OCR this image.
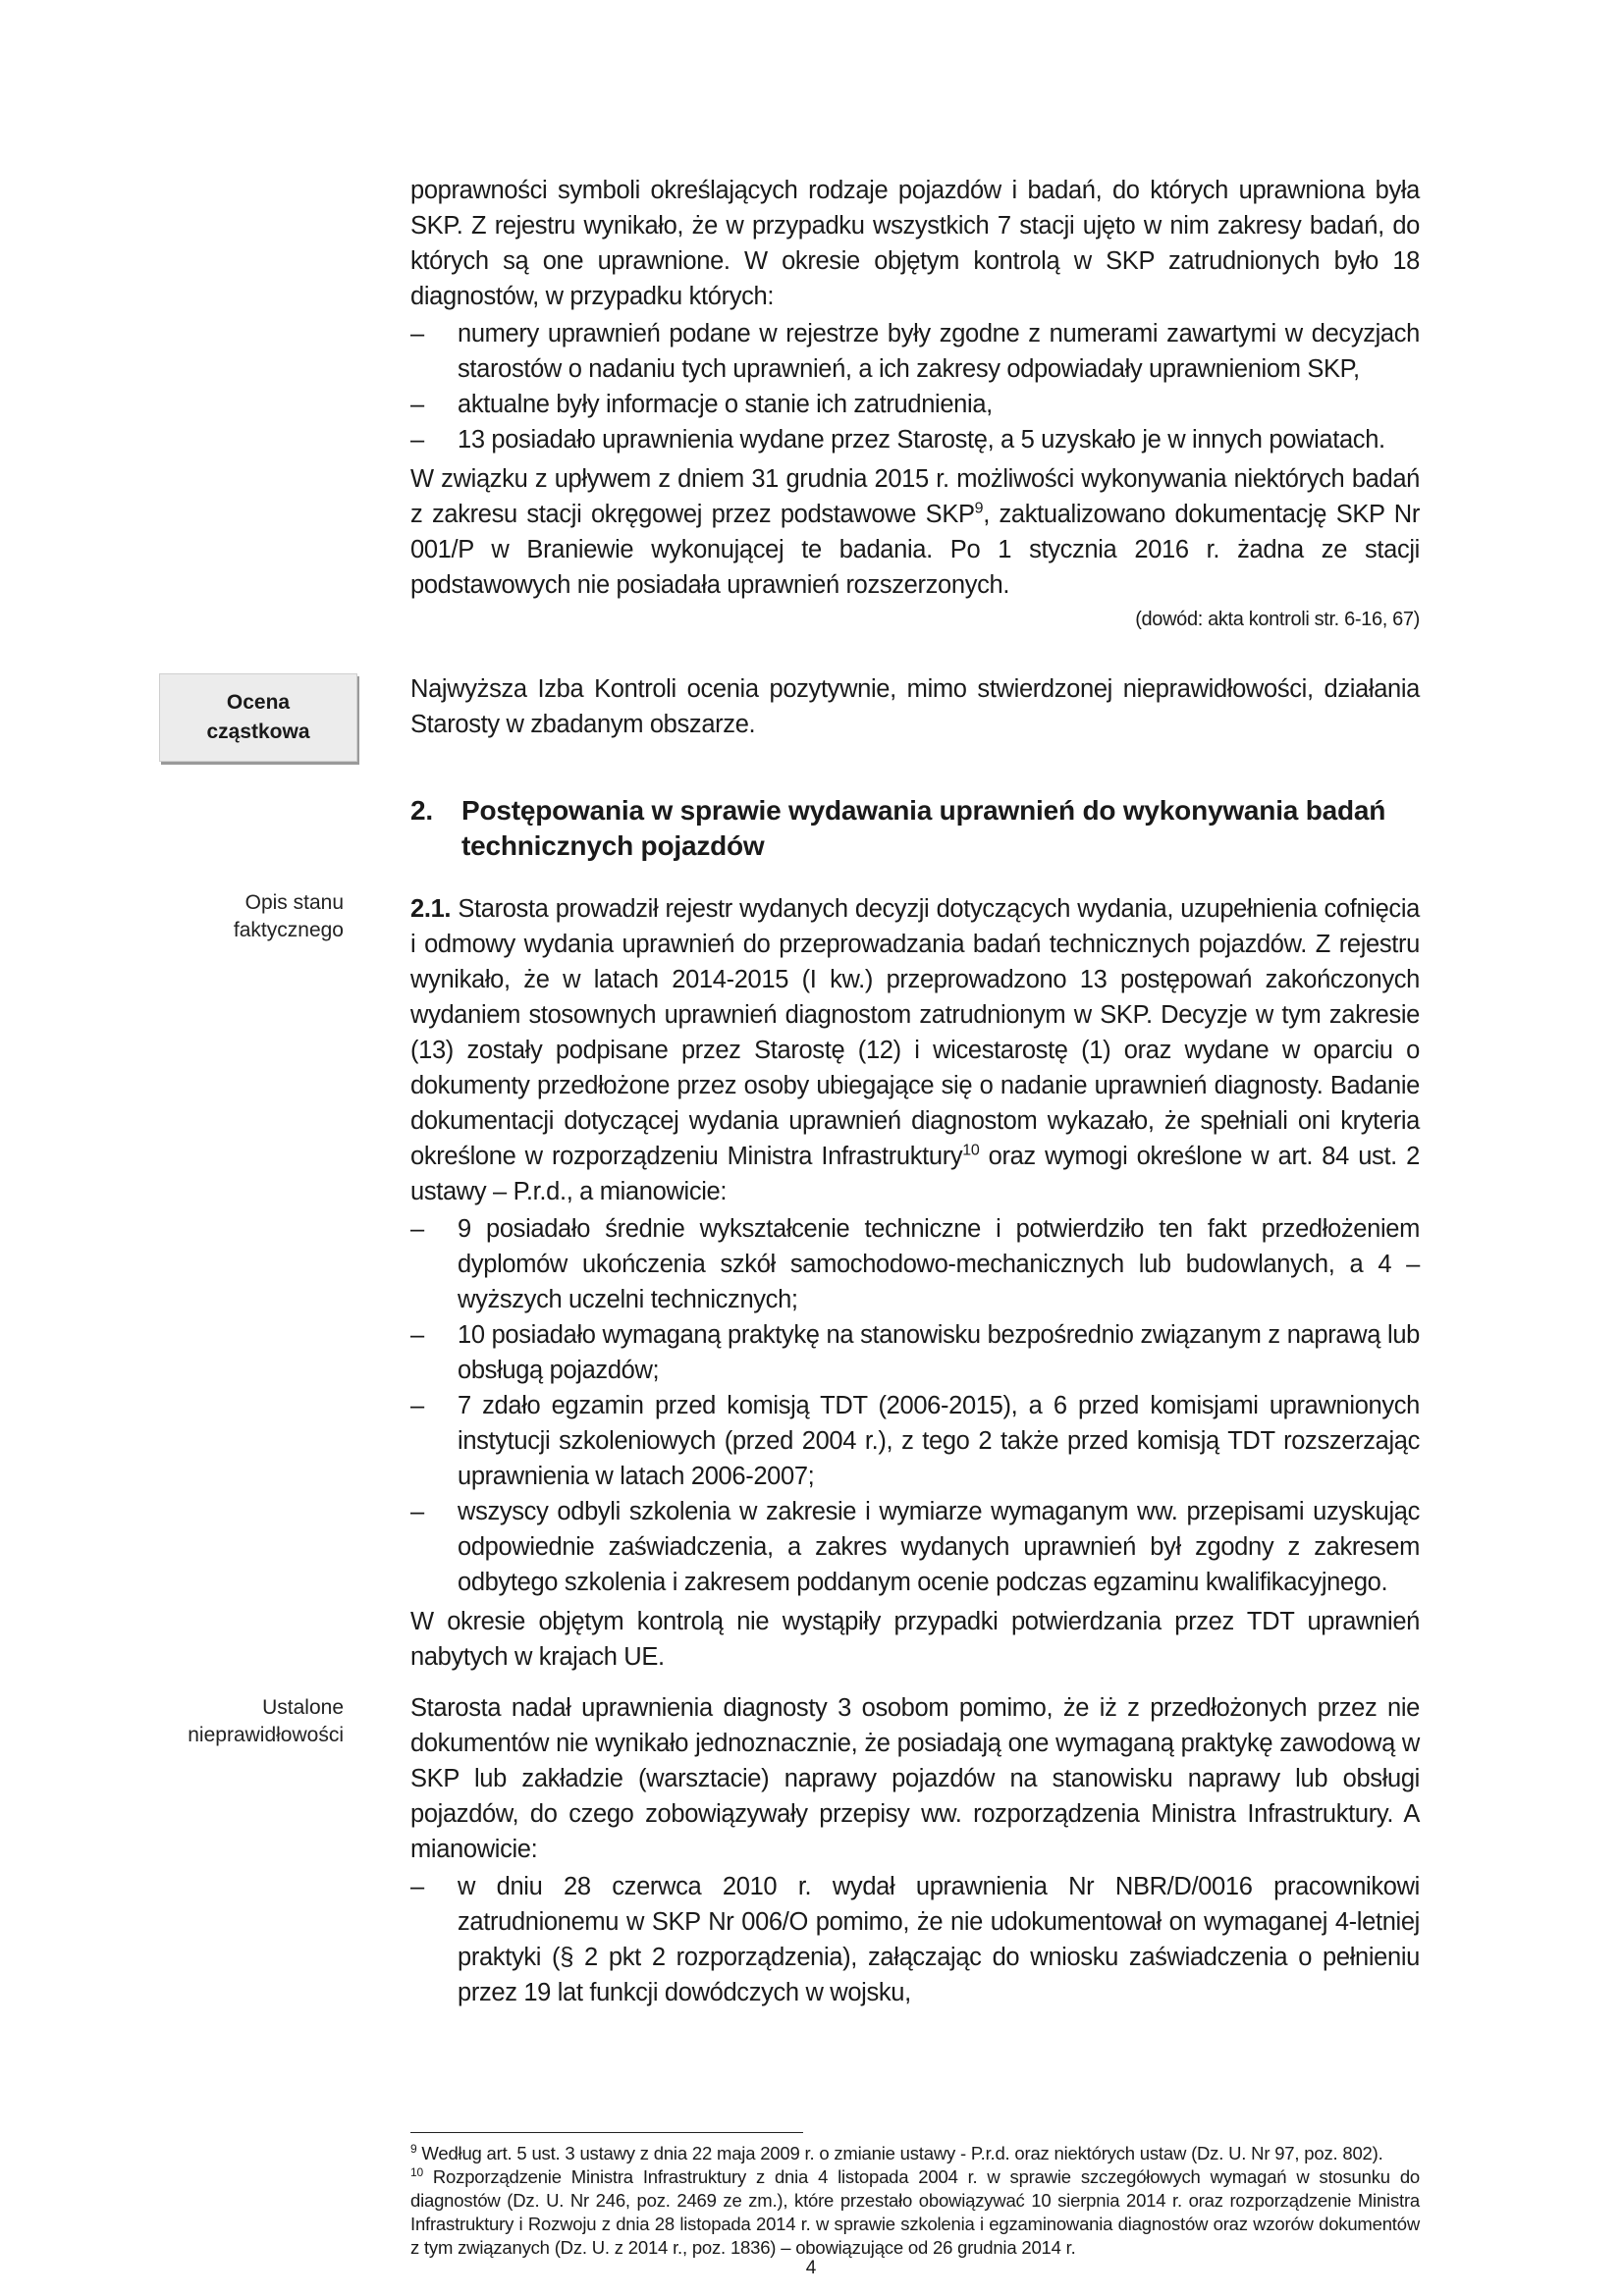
poprawności symboli określających rodzaje pojazdów i badań, do których uprawniona była SKP. Z rejestru wynikało, że w przypadku wszystkich 7 stacji ujęto w nim zakresy badań, do których są one uprawnione. W okresie objętym kontrolą w SKP zatrudnionych było 18 diagnostów, w przypadku których:

–	numery uprawnień podane w rejestrze były zgodne z numerami zawartymi w decyzjach starostów o nadaniu tych uprawnień, a ich zakresy odpowiadały uprawnieniom SKP,
–	aktualne były informacje o stanie ich zatrudnienia,
–	13 posiadało uprawnienia wydane przez Starostę, a 5 uzyskało je w innych powiatach.

W związku z upływem z dniem 31 grudnia 2015 r. możliwości wykonywania niektórych badań z zakresu stacji okręgowej przez podstawowe SKP$^9$, zaktualizowano dokumentację SKP Nr 001/P w Braniewie wykonującej te badania. Po 1 stycznia 2016 r. żadna ze stacji podstawowych nie posiadała uprawnień rozszerzonych.

(dowód: akta kontroli str. 6-16, 67)
Ocena
cząstkowa

Najwyższa Izba Kontroli ocenia pozytywnie, mimo stwierdzonej nieprawidłowości, działania Starosty w zbadanym obszarze.

2. Postępowania w sprawie wydawania uprawnień do wykonywania badań technicznych pojazdów
Opis stanu
faktycznego

2.1. Starosta prowadził rejestr wydanych decyzji dotyczących wydania, uzupełnienia cofnięcia i odmowy wydania uprawnień do przeprowadzania badań technicznych pojazdów. Z rejestru wynikało, że w latach 2014-2015 (I kw.) przeprowadzono 13 postępowań zakończonych wydaniem stosownych uprawnień diagnostom zatrudnionym w SKP. Decyzje w tym zakresie (13) zostały podpisane przez Starostę (12) i wicestarostę (1) oraz wydane w oparciu o dokumenty przedłożone przez osoby ubiegające się o nadanie uprawnień diagnosty. Badanie dokumentacji dotyczącej wydania uprawnień diagnostom wykazało, że spełniali oni kryteria określone w rozporządzeniu Ministra Infrastruktury$^{10}$ oraz wymogi określone w art. 84 ust. 2 ustawy – P.r.d., a mianowicie:

–	9 posiadało średnie wykształcenie techniczne i potwierdziło ten fakt przedłożeniem dyplomów ukończenia szkół samochodowo-mechanicznych lub budowlanych, a 4 – wyższych uczelni technicznych;
–	10 posiadało wymaganą praktykę na stanowisku bezpośrednio związanym z naprawą lub obsługą pojazdów;
–	7 zdało egzamin przed komisją TDT (2006-2015), a 6 przed komisjami uprawnionych instytucji szkoleniowych (przed 2004 r.), z tego 2 także przed komisją TDT rozszerzając uprawnienia w latach 2006-2007;
–	wszyscy odbyli szkolenia w zakresie i wymiarze wymaganym ww. przepisami uzyskując odpowiednie zaświadczenia, a zakres wydanych uprawnień był zgodny z zakresem odbytego szkolenia i zakresem poddanym ocenie podczas egzaminu kwalifikacyjnego.

W okresie objętym kontrolą nie wystąpiły przypadki potwierdzania przez TDT uprawnień nabytych w krajach UE.

Ustalone
nieprawidłowości

Starosta nadał uprawnienia diagnosty 3 osobom pomimo, że iż z przedłożonych przez nie dokumentów nie wynikało jednoznacznie, że posiadają one wymaganą praktykę zawodową w SKP lub zakładzie (warsztacie) naprawy pojazdów na stanowisku naprawy lub obsługi pojazdów, do czego zobowiązywały przepisy ww. rozporządzenia Ministra Infrastruktury. A mianowicie:

–	w dniu 28 czerwca 2010 r. wydał uprawnienia Nr NBR/D/0016 pracownikowi zatrudnionemu w SKP Nr 006/O pomimo, że nie udokumentował on wymaganej 4-letniej praktyki (§ 2 pkt 2 rozporządzenia), załączając do wniosku zaświadczenia o pełnieniu przez 19 lat funkcji dowódczych w wojsku,

$^9$ Według art. 5 ust. 3 ustawy z dnia 22 maja 2009 r. o zmianie ustawy - P.r.d. oraz niektórych ustaw (Dz. U. Nr 97, poz. 802).

$^{10}$ Rozporządzenie Ministra Infrastruktury z dnia 4 listopada 2004 r. w sprawie szczegółowych wymagań w stosunku do diagnostów (Dz. U. Nr 246, poz. 2469 ze zm.), które przestało obowiązywać 10 sierpnia 2014 r. oraz rozporządzenie Ministra Infrastruktury i Rozwoju z dnia 28 listopada 2014 r. w sprawie szkolenia i egzaminowania diagnostów oraz wzorów dokumentów z tym związanych (Dz. U. z 2014 r., poz. 1836) – obowiązujące od 26 grudnia 2014 r.

4
